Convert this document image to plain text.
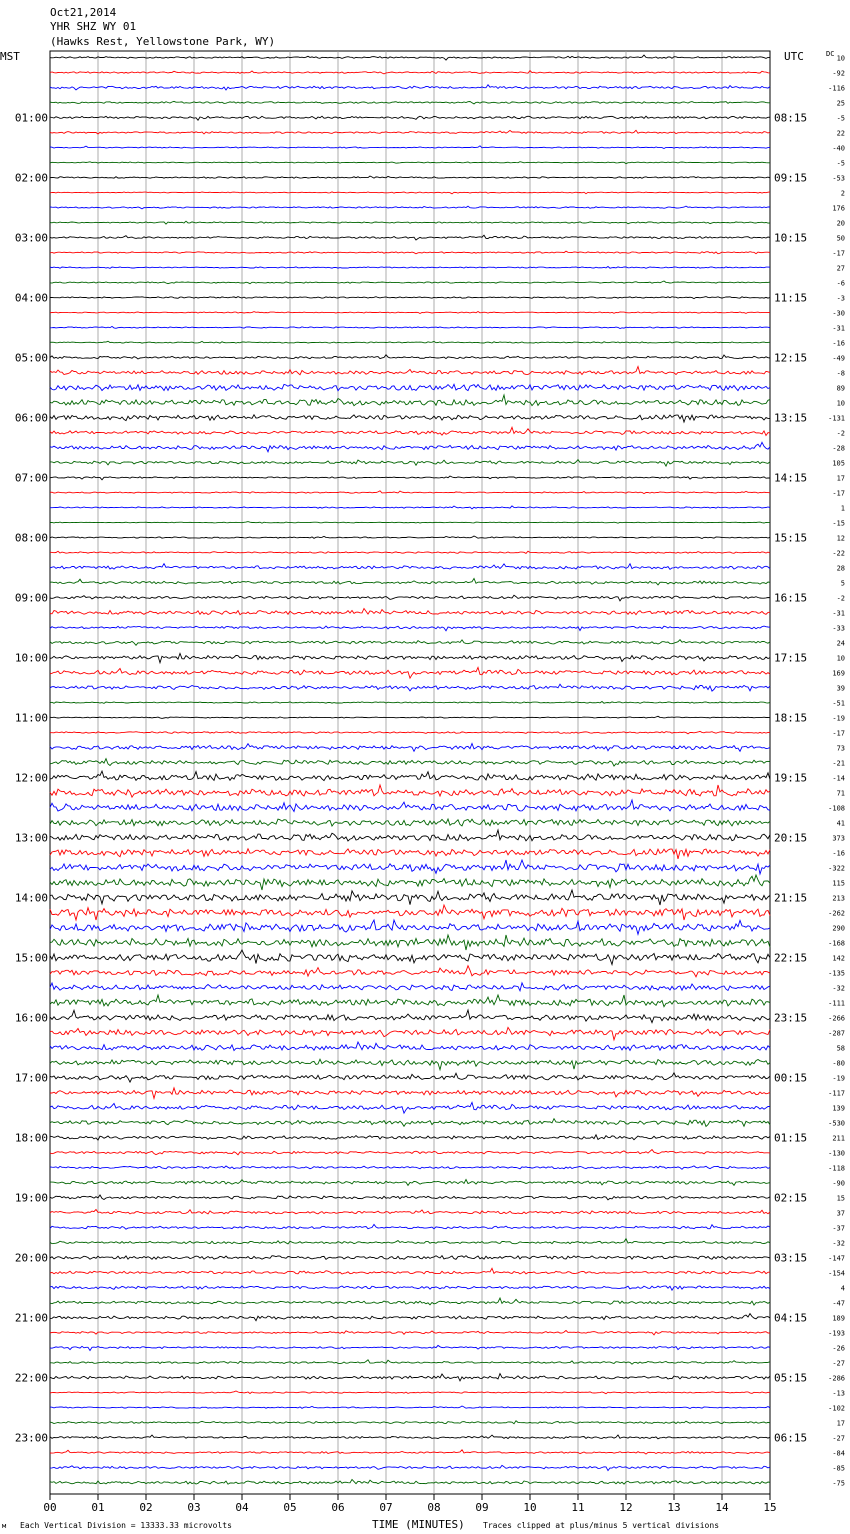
Oct21,2014
YHR SHZ WY 01
(Hawks Rest, Yellowstone Park, WY)
MST	UTC	DC
00	01	02	03	04	05	06	07	08	09	10	11	12	13	14	15
10
-92
-116
25
-5
22
-40
-5
-53
2
176
20
50
-17
27
-6
-3
-30
-31
-16
-49
-8
89
10
-131
-2
-28
105
17
-17
1
-15
12
-22
28
5
-2
-31
-33
24
10
169
39
-51
-19
-17
73
-21
-14
71
-108
41
373
-16
-322
115
213
-262
290
-168
142
-135
-32
-111
-266
-287
58
-80
-19
-117
139
-530
211
-130
-118
-90
15
37
-37
-32
-147
-154
4
-47
189
-193
-26
-27
-286
-13
-102
17
-27
-84
-85
-75
01:00
02:00
03:00
04:00
05:00
06:00
07:00
08:00
09:00
10:00
11:00
12:00
13:00
14:00
15:00
16:00
17:00
18:00
19:00
20:00
21:00
22:00
23:00
08:15
09:15
10:15
11:15
12:15
13:15
14:15
15:15
16:15
17:15
18:15
19:15
20:15
21:15
22:15
23:15
00:15
01:15
02:15
03:15
04:15
05:15
06:15
TIME (MINUTES)
м Each Vertical Division = 13333.33 microvolts	Traces clipped at plus/minus 5 vertical divisions
